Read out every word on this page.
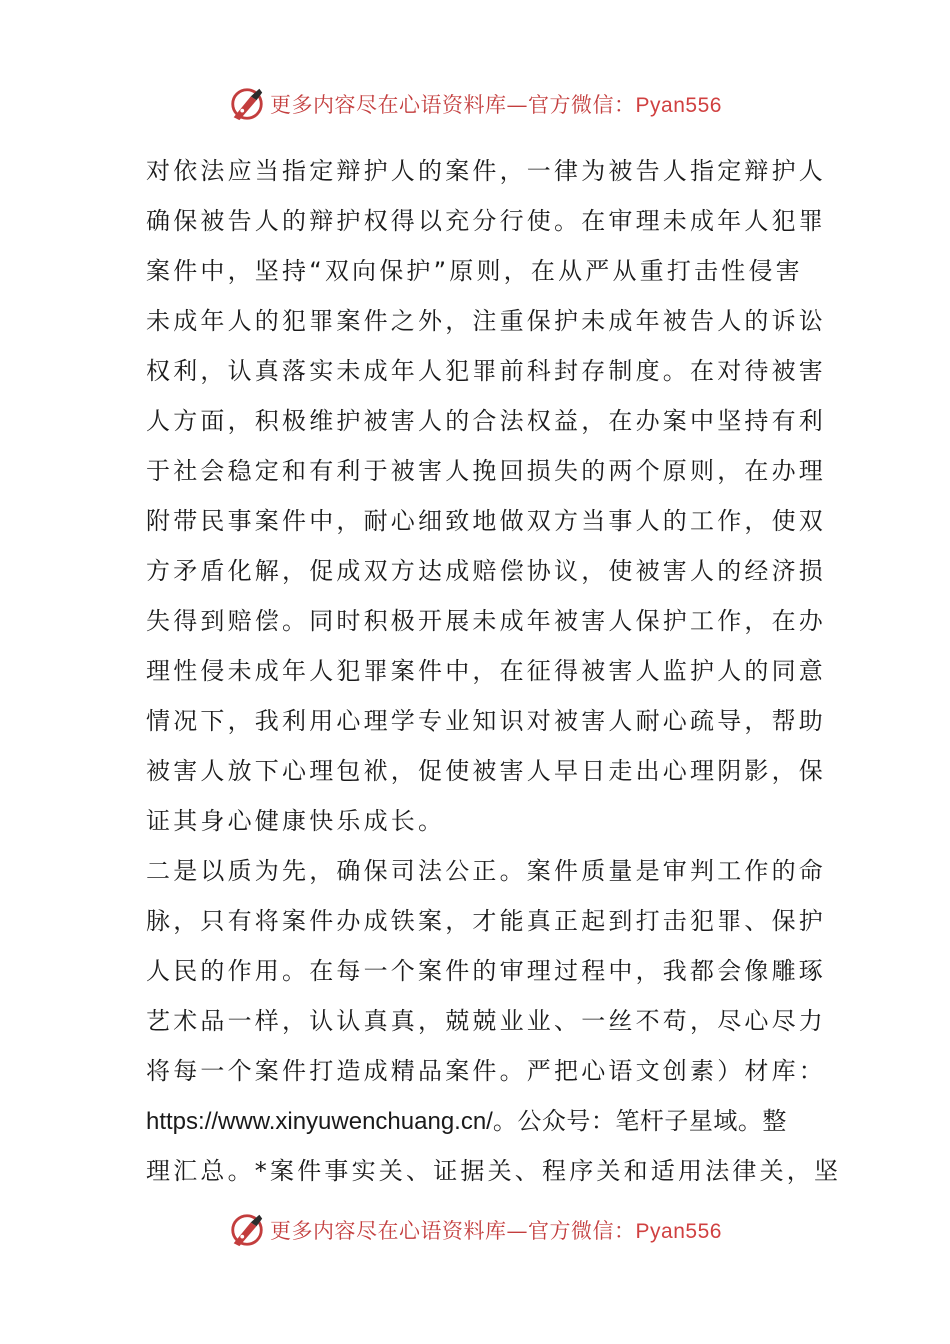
更多内容尽在心语资料库—官方微信：Pyan556
对依法应当指定辩护人的案件，一律为被告人指定辩护人
确保被告人的辩护权得以充分行使。在审理未成年人犯罪
案件中，坚持“双向保护”原则，在从严从重打击性侵害
未成年人的犯罪案件之外，注重保护未成年被告人的诉讼
权利，认真落实未成年人犯罪前科封存制度。在对待被害
人方面，积极维护被害人的合法权益，在办案中坚持有利
于社会稳定和有利于被害人挽回损失的两个原则，在办理
附带民事案件中，耐心细致地做双方当事人的工作，使双
方矛盾化解，促成双方达成赔偿协议，使被害人的经济损
失得到赔偿。同时积极开展未成年被害人保护工作，在办
理性侵未成年人犯罪案件中，在征得被害人监护人的同意
情况下，我利用心理学专业知识对被害人耐心疏导，帮助
被害人放下心理包袱，促使被害人早日走出心理阴影，保
证其身心健康快乐成长。
二是以质为先，确保司法公正。案件质量是审判工作的命
脉，只有将案件办成铁案，才能真正起到打击犯罪、保护
人民的作用。在每一个案件的审理过程中，我都会像雕琢
艺术品一样，认认真真，兢兢业业、一丝不苟，尽心尽力
将每一个案件打造成精品案件。严把心语文创素）材库：
https://www.xinyuwenchuang.cn/。公众号：笔杆子星域。整
理汇总。*案件事实关、证据关、程序关和适用法律关，坚
更多内容尽在心语资料库—官方微信：Pyan556
